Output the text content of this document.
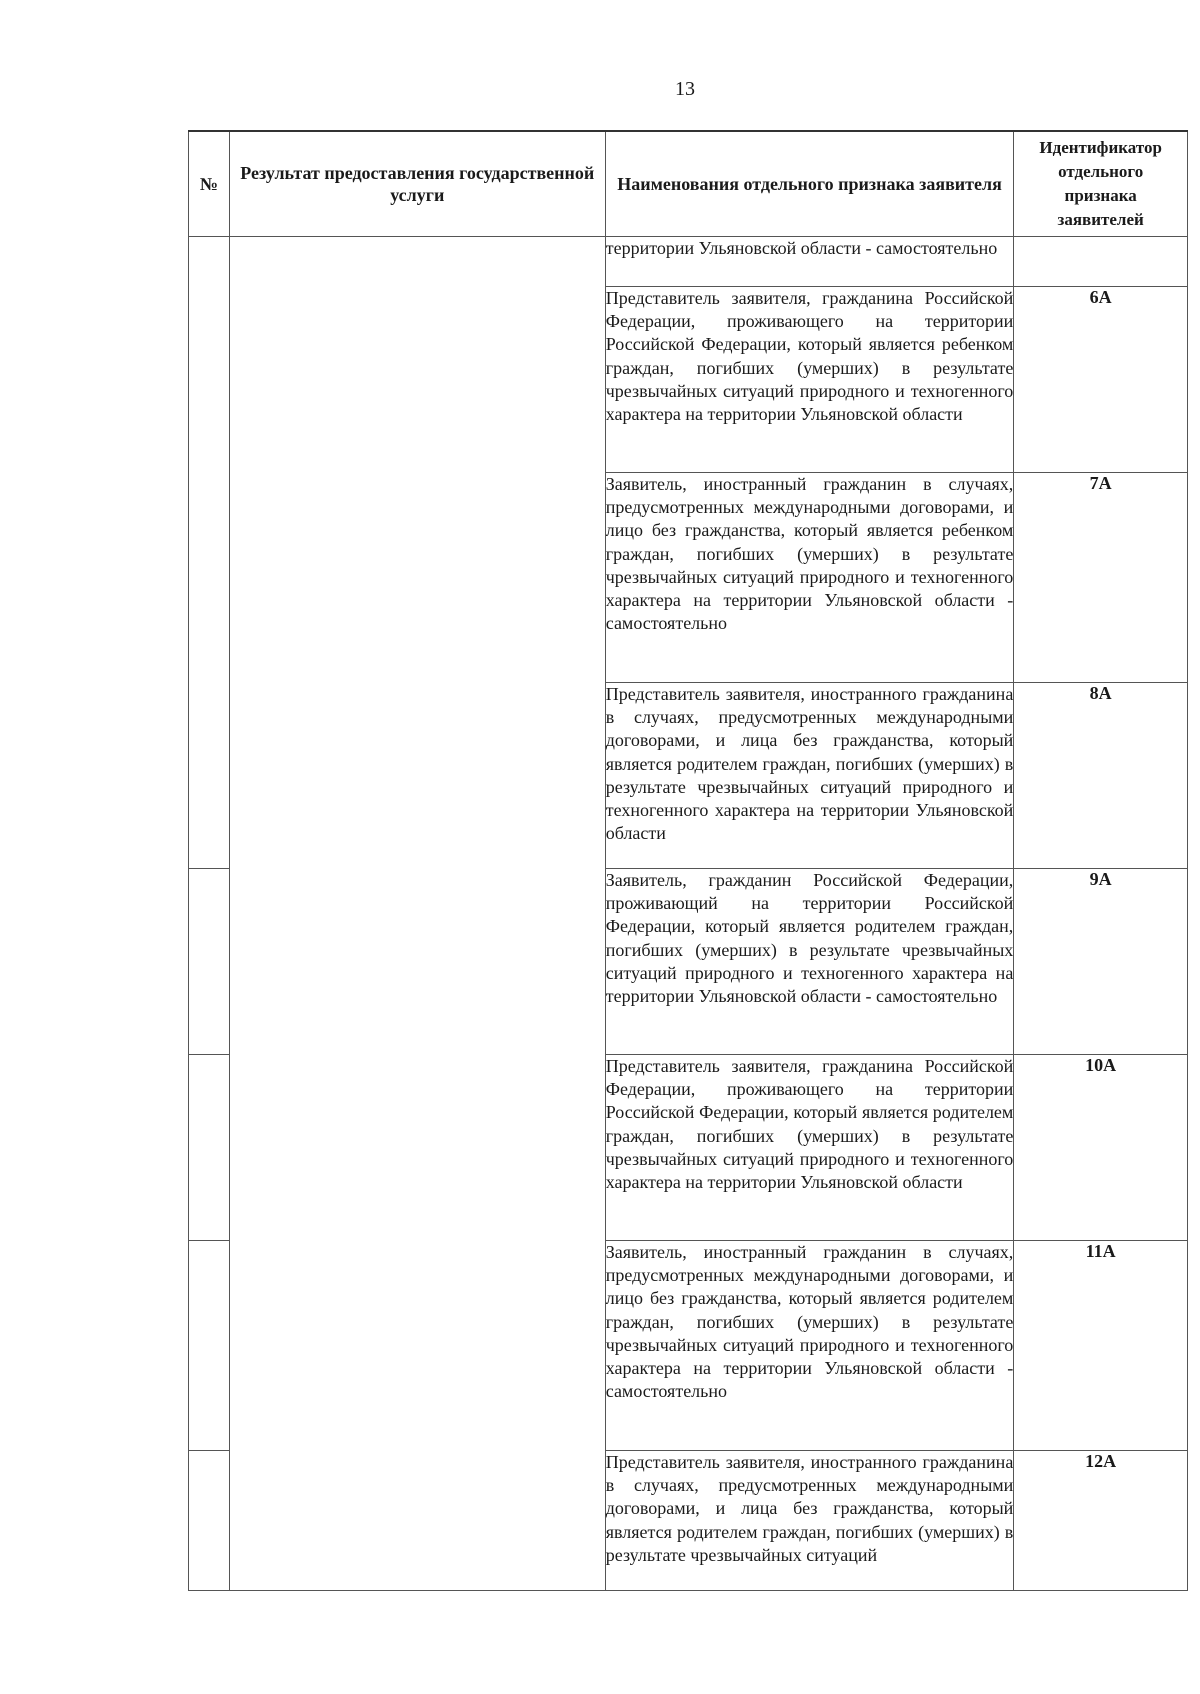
13
№	Результат предоставления государственной услуги	Наименования отдельного признака заявителя	Идентификатор отдельного признака заявителей
		территории Ульяновской области - самостоятельно	
		Представитель заявителя, гражданина Российской Федерации, проживающего на территории Российской Федерации, который является ребенком граждан, погибших (умерших) в результате чрезвычайных ситуаций природного и техногенного характера на территории Ульяновской области	6А
		Заявитель, иностранный гражданин в случаях, предусмотренных международными договорами, и лицо без гражданства, который является ребенком граждан, погибших (умерших) в результате чрезвычайных ситуаций природного и техногенного характера на территории Ульяновской области - самостоятельно	7А
		Представитель заявителя, иностранного гражданина в случаях, предусмотренных международными договорами, и лица без гражданства, который является родителем граждан, погибших (умерших) в результате чрезвычайных ситуаций природного и техногенного характера на территории Ульяновской области	8А
		Заявитель, гражданин Российской Федерации, проживающий на территории Российской Федерации, который является родителем граждан, погибших (умерших) в результате чрезвычайных ситуаций природного и техногенного характера на территории Ульяновской области - самостоятельно	9А
		Представитель заявителя, гражданина Российской Федерации, проживающего на территории Российской Федерации, который является родителем граждан, погибших (умерших) в результате чрезвычайных ситуаций природного и техногенного характера на территории Ульяновской области	10А
		Заявитель, иностранный гражданин в случаях, предусмотренных международными договорами, и лицо без гражданства, который является родителем граждан, погибших (умерших) в результате чрезвычайных ситуаций природного и техногенного характера на территории Ульяновской области - самостоятельно	11А
		Представитель заявителя, иностранного гражданина в случаях, предусмотренных международными договорами, и лица без гражданства, который является родителем граждан, погибших (умерших) в результате чрезвычайных ситуаций	12А
